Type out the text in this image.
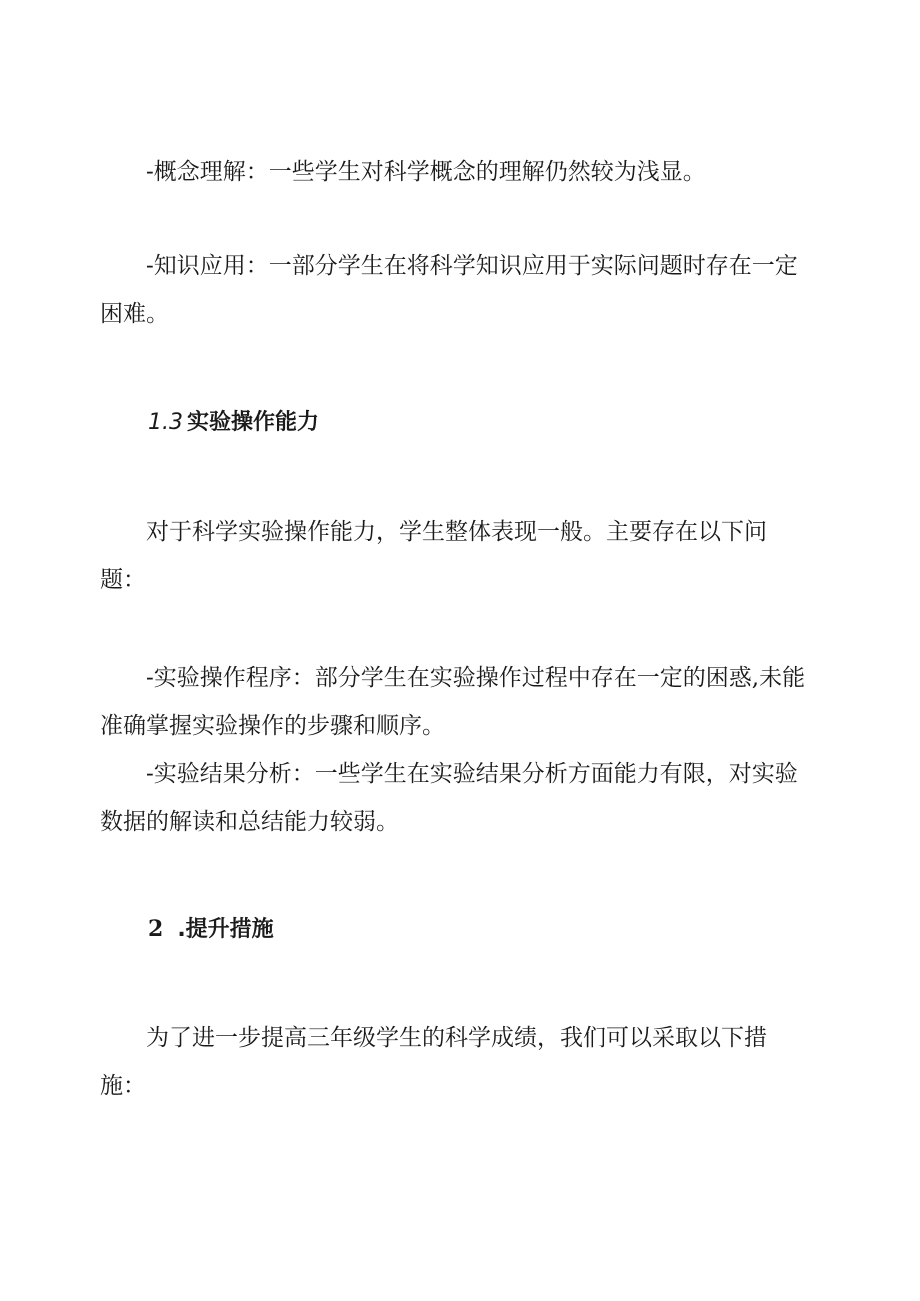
-概念理解：一些学生对科学概念的理解仍然较为浅显。

-知识应用：一部分学生在将科学知识应用于实际问题时存在一定困难。

1.3 实验操作能力

对于科学实验操作能力，学生整体表现一般。主要存在以下问题：

-实验操作程序：部分学生在实验操作过程中存在一定的困惑,未能准确掌握实验操作的步骤和顺序。

-实验结果分析：一些学生在实验结果分析方面能力有限，对实验数据的解读和总结能力较弱。

2 .提升措施

为了进一步提高三年级学生的科学成绩，我们可以采取以下措施：
